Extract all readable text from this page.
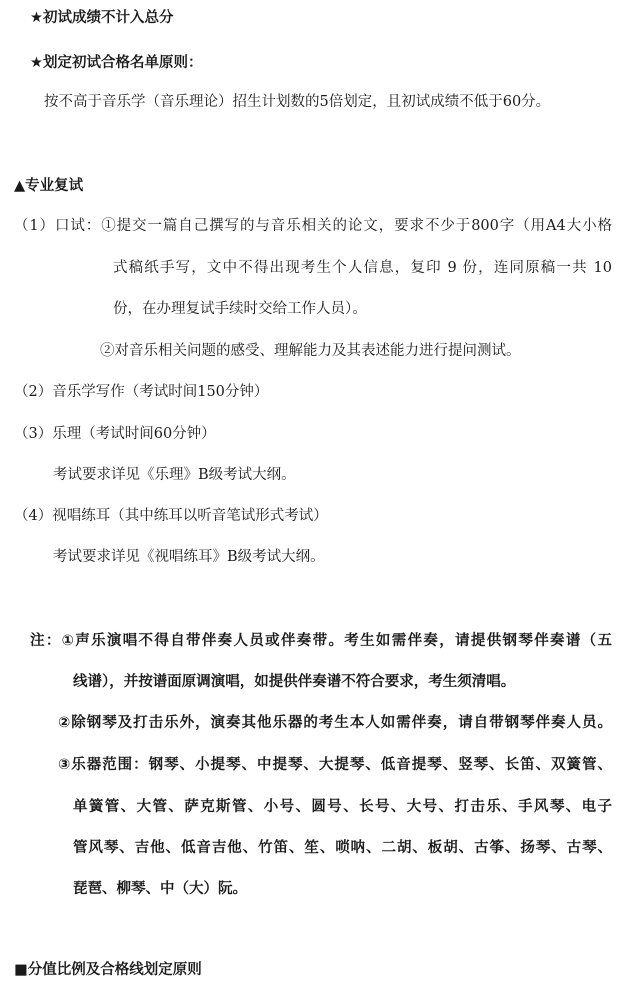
★初试成绩不计入总分
★划定初试合格名单原则：
按不高于音乐学（音乐理论）招生计划数的5倍划定，且初试成绩不低于60分。
▲专业复试
（1）口试：①提交一篇自己撰写的与音乐相关的论文，要求不少于800字（用A4大小格
式稿纸手写，文中不得出现考生个人信息，复印 9 份，连同原稿一共 10
份，在办理复试手续时交给工作人员）。
②对音乐相关问题的感受、理解能力及其表述能力进行提问测试。
（2）音乐学写作（考试时间150分钟）
（3）乐理（考试时间60分钟）
考试要求详见《乐理》B级考试大纲。
（4）视唱练耳（其中练耳以听音笔试形式考试）
考试要求详见《视唱练耳》B级考试大纲。
注：①声乐演唱不得自带伴奏人员或伴奏带。考生如需伴奏，请提供钢琴伴奏谱（五
线谱），并按谱面原调演唱，如提供伴奏谱不符合要求，考生须清唱。
②除钢琴及打击乐外，演奏其他乐器的考生本人如需伴奏，请自带钢琴伴奏人员。
③乐器范围：钢琴、小提琴、中提琴、大提琴、低音提琴、竖琴、长笛、双簧管、
单簧管、大管、萨克斯管、小号、圆号、长号、大号、打击乐、手风琴、电子
管风琴、吉他、低音吉他、竹笛、笙、唢呐、二胡、板胡、古筝、扬琴、古琴、
琵琶、柳琴、中（大）阮。
■分值比例及合格线划定原则
